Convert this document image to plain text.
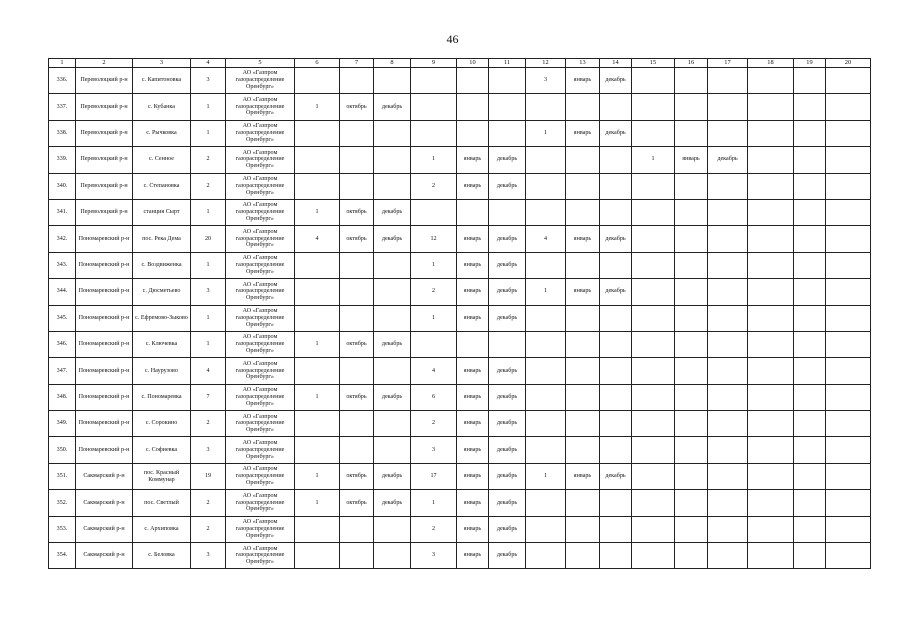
46
1	2	3	4	5	6	7	8	9	10	11	12	13	14	15	16	17	18	19	20
336.	Переволоцкий р-н	с. Капитоновка	3	АО «Газпром газораспределение Оренбург»							3	январь	декабрь						
337.	Переволоцкий р-н	с. Кубанка	1	АО «Газпром газораспределение Оренбург»	1	октябрь	декабрь												
338.	Переволоцкий р-н	с. Рычковка	1	АО «Газпром газораспределение Оренбург»							1	январь	декабрь						
339.	Переволоцкий р-н	с. Сенное	2	АО «Газпром газораспределение Оренбург»				1	январь	декабрь				1	январь	декабрь			
340.	Переволоцкий р-н	с. Степановка	2	АО «Газпром газораспределение Оренбург»				2	январь	декабрь									
341.	Переволоцкий р-н	станция Сырт	1	АО «Газпром газораспределение Оренбург»	1	октябрь	декабрь												
342.	Пономаревский р-н	пос. Река Дема	20	АО «Газпром газораспределение Оренбург»	4	октябрь	декабрь	12	январь	декабрь	4	январь	декабрь						
343.	Пономаревский р-н	с. Воздвиженка	1	АО «Газпром газораспределение Оренбург»				1	январь	декабрь									
344.	Пономаревский р-н	с. Дюсметьево	3	АО «Газпром газораспределение Оренбург»				2	январь	декабрь	1	январь	декабрь						
345.	Пономаревский р-н	с. Ефремово-Зыково	1	АО «Газпром газораспределение Оренбург»				1	январь	декабрь									
346.	Пономаревский р-н	с. Ключевка	1	АО «Газпром газораспределение Оренбург»	1	октябрь	декабрь												
347.	Пономаревский р-н	с. Наурузово	4	АО «Газпром газораспределение Оренбург»				4	январь	декабрь									
348.	Пономаревский р-н	с. Пономаревка	7	АО «Газпром газораспределение Оренбург»	1	октябрь	декабрь	6	январь	декабрь									
349.	Пономаревский р-н	с. Сорокино	2	АО «Газпром газораспределение Оренбург»				2	январь	декабрь									
350.	Пономаревский р-н	с. Софиевка	3	АО «Газпром газораспределение Оренбург»				3	январь	декабрь									
351.	Сакмарский р-н	пос. Красный Коммунар	19	АО «Газпром газораспределение Оренбург»	1	октябрь	декабрь	17	январь	декабрь	1	январь	декабрь						
352.	Сакмарский р-н	пос. Светлый	2	АО «Газпром газораспределение Оренбург»	1	октябрь	декабрь	1	январь	декабрь									
353.	Сакмарский р-н	с. Архиповка	2	АО «Газпром газораспределение Оренбург»				2	январь	декабрь									
354.	Сакмарский р-н	с. Беловка	3	АО «Газпром газораспределение Оренбург»				3	январь	декабрь									
